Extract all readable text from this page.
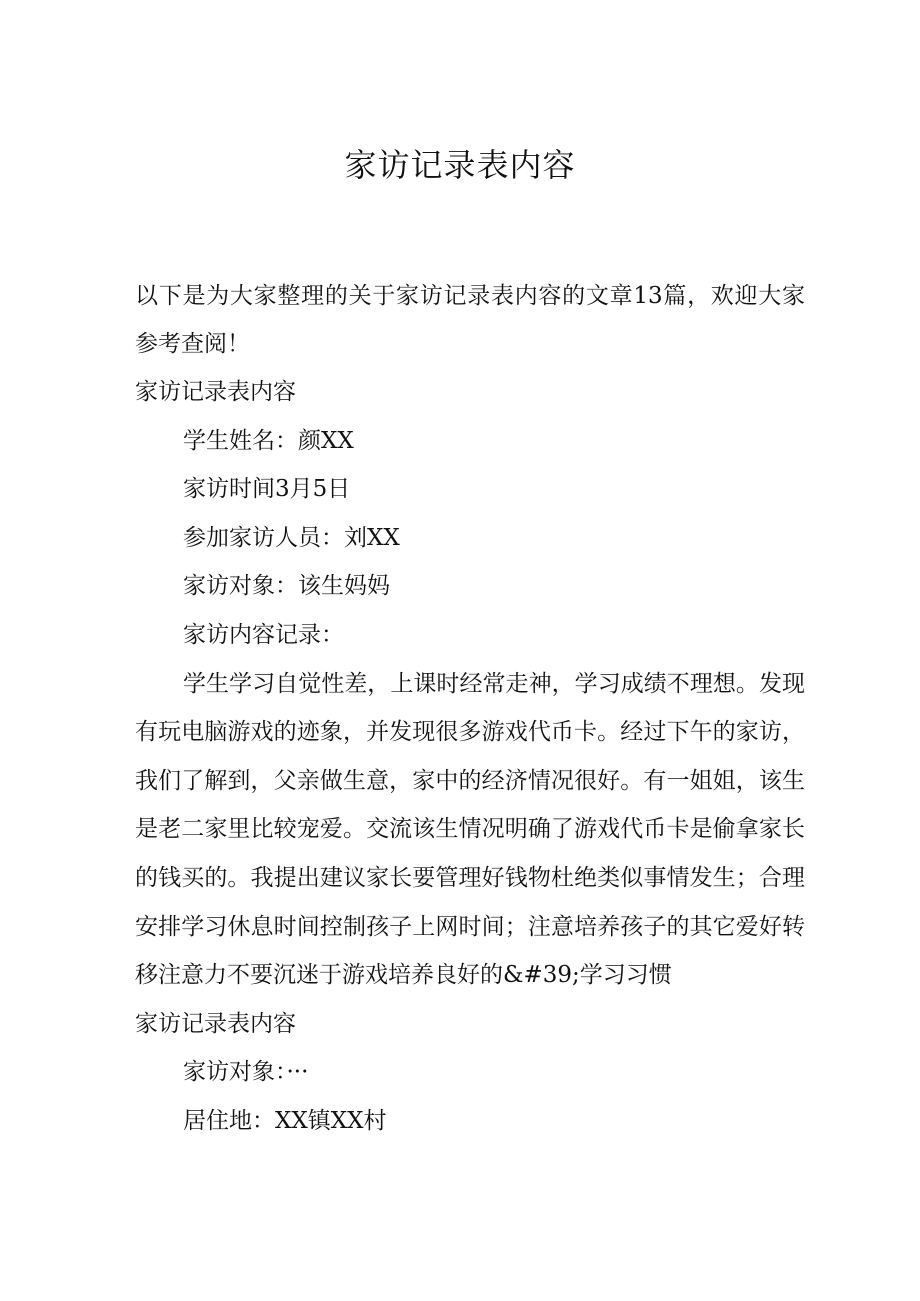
家访记录表内容

以下是为大家整理的关于家访记录表内容的文章13篇，欢迎大家参考查阅！

家访记录表内容

学生姓名：颜XX

家访时间3月5日

参加家访人员：刘XX

家访对象：该生妈妈

家访内容记录：

学生学习自觉性差，上课时经常走神，学习成绩不理想。发现有玩电脑游戏的迹象，并发现很多游戏代币卡。经过下午的家访，我们了解到，父亲做生意，家中的经济情况很好。有一姐姐，该生是老二家里比较宠爱。交流该生情况明确了游戏代币卡是偷拿家长的钱买的。我提出建议家长要管理好钱物杜绝类似事情发生；合理安排学习休息时间控制孩子上网时间；注意培养孩子的其它爱好转移注意力不要沉迷于游戏培养良好的&#39;学习习惯

家访记录表内容

家访对象：···

居住地：XX镇XX村
